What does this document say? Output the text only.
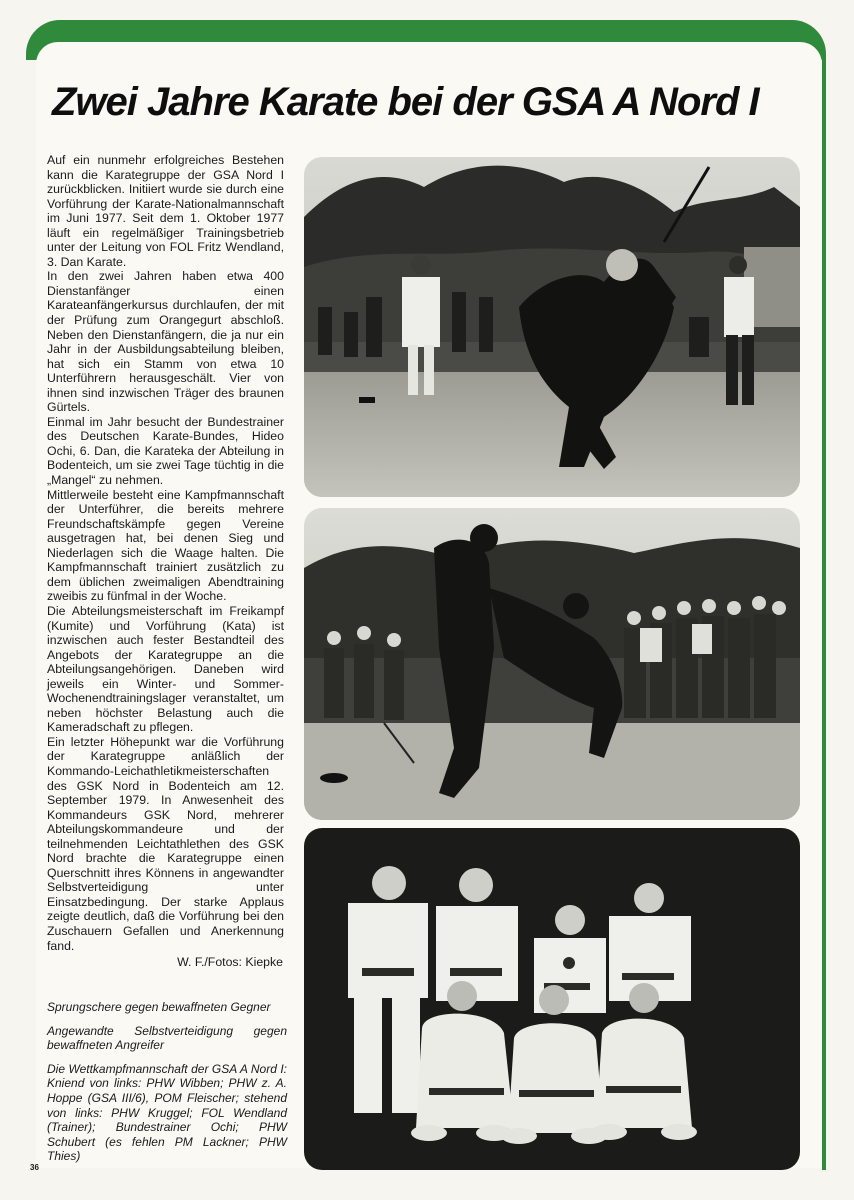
Zwei Jahre Karate bei der GSA A Nord I

Auf ein nunmehr erfolgreiches Bestehen kann die Karategruppe der GSA Nord I zurückblicken. Initiiert wurde sie durch eine Vorführung der Karate-Nationalmannschaft im Juni 1977. Seit dem 1. Oktober 1977 läuft ein regelmäßiger Trainingsbetrieb unter der Leitung von FOL Fritz Wendland, 3. Dan Karate.

In den zwei Jahren haben etwa 400 Dienstanfänger einen Karateanfängerkursus durchlaufen, der mit der Prüfung zum Orangegurt abschloß. Neben den Dienstanfängern, die ja nur ein Jahr in der Ausbildungsabteilung bleiben, hat sich ein Stamm von etwa 10 Unterführern herausgeschält. Vier von ihnen sind inzwischen Träger des braunen Gürtels.

Einmal im Jahr besucht der Bundestrainer des Deutschen Karate-Bundes, Hideo Ochi, 6. Dan, die Karateka der Abteilung in Bodenteich, um sie zwei Tage tüchtig in die „Mangel“ zu nehmen.

Mittlerweile besteht eine Kampfmannschaft der Unterführer, die bereits mehrere Freundschaftskämpfe gegen Vereine ausgetragen hat, bei denen Sieg und Niederlagen sich die Waage halten. Die Kampfmannschaft trainiert zusätzlich zu dem üblichen zweimaligen Abendtraining zweibis zu fünfmal in der Woche.

Die Abteilungsmeisterschaft im Freikampf (Kumite) und Vorführung (Kata) ist inzwischen auch fester Bestandteil des Angebots der Karategruppe an die Abteilungsangehörigen. Daneben wird jeweils ein Winter- und Sommer-Wochenendtrainingslager veranstaltet, um neben höchster Belastung auch die Kameradschaft zu pflegen.

Ein letzter Höhepunkt war die Vorführung der Karategruppe anläßlich der Kommando-Leichathletikmeisterschaften des GSK Nord in Bodenteich am 12. September 1979. In Anwesenheit des Kommandeurs GSK Nord, mehrerer Abteilungskommandeure und der teilnehmenden Leichtathlethen des GSK Nord brachte die Karategruppe einen Querschnitt ihres Könnens in angewandter Selbstverteidigung unter Einsatzbedingung. Der starke Applaus zeigte deutlich, daß die Vorführung bei den Zuschauern Gefallen und Anerkennung fand.

W. F./Fotos: Kiepke

Sprungschere gegen bewaffneten Gegner

Angewandte Selbstverteidigung gegen bewaffneten Angreifer

Die Wettkampfmannschaft der GSA A Nord I: Kniend von links: PHW Wibben; PHW z. A. Hoppe (GSA III/6), POM Fleischer; stehend von links: PHW Kruggel; FOL Wendland (Trainer); Bundestrainer Ochi; PHW Schubert (es fehlen PM Lackner; PHW Thies)

36
